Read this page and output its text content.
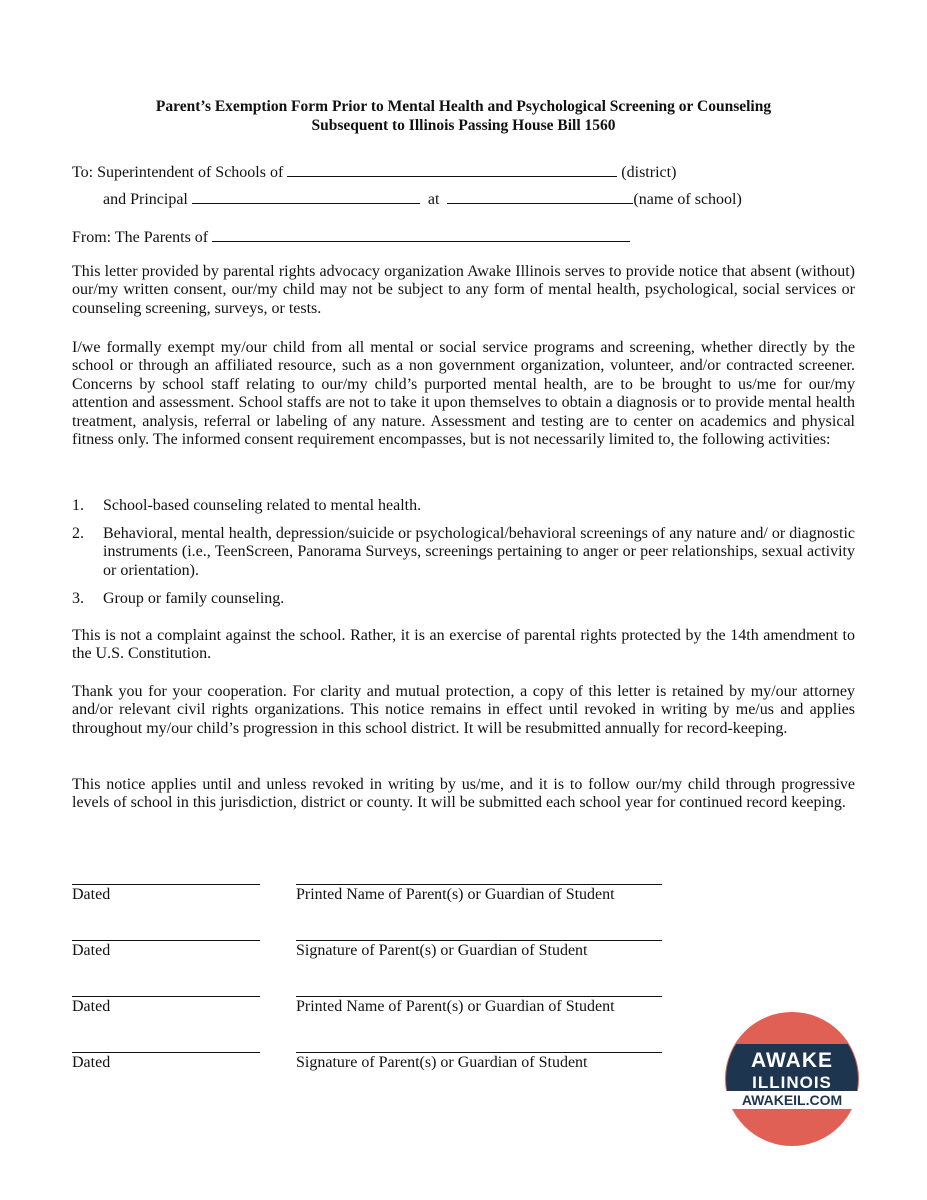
Parent’s Exemption Form Prior to Mental Health and Psychological Screening or Counseling
Subsequent to Illinois Passing House Bill 1560
To: Superintendent of Schools of	(district)
and Principal	at	(name of school)
From: The Parents of
This letter provided by parental rights advocacy organization Awake Illinois serves to provide notice that absent (without) our/my written consent, our/my child may not be subject to any form of mental health, psychological, social services or counseling screening, surveys, or tests.
I/we formally exempt my/our child from all mental or social service programs and screening, whether directly by the school or through an affiliated resource, such as a non government organization, volunteer, and/or contracted screener. Concerns by school staff relating to our/my child’s purported mental health, are to be brought to us/me for our/my attention and assessment. School staffs are not to take it upon themselves to obtain a diagnosis or to provide mental health treatment, analysis, referral or labeling of any nature. Assessment and testing are to center on academics and physical fitness only. The informed consent requirement encompasses, but is not necessarily limited to, the following activities:
1. School-based counseling related to mental health.
2. Behavioral, mental health, depression/suicide or psychological/behavioral screenings of any nature and/ or diagnostic instruments (i.e., TeenScreen, Panorama Surveys, screenings pertaining to anger or peer relationships, sexual activity or orientation).
3. Group or family counseling.
This is not a complaint against the school. Rather, it is an exercise of parental rights protected by the 14th amendment to the U.S. Constitution.
Thank you for your cooperation. For clarity and mutual protection, a copy of this letter is retained by my/our attorney and/or relevant civil rights organizations. This notice remains in effect until revoked in writing by me/us and applies throughout my/our child’s progression in this school district. It will be resubmitted annually for record-keeping.
This notice applies until and unless revoked in writing by us/me, and it is to follow our/my child through progressive levels of school in this jurisdiction, district or county. It will be submitted each school year for continued record keeping.
Dated	Printed Name of Parent(s) or Guardian of Student
Dated	Signature of Parent(s) or Guardian of Student
Dated	Printed Name of Parent(s) or Guardian of Student
Dated	Signature of Parent(s) or Guardian of Student	AWAKE
ILLINOIS
AWAKEIL.COM
